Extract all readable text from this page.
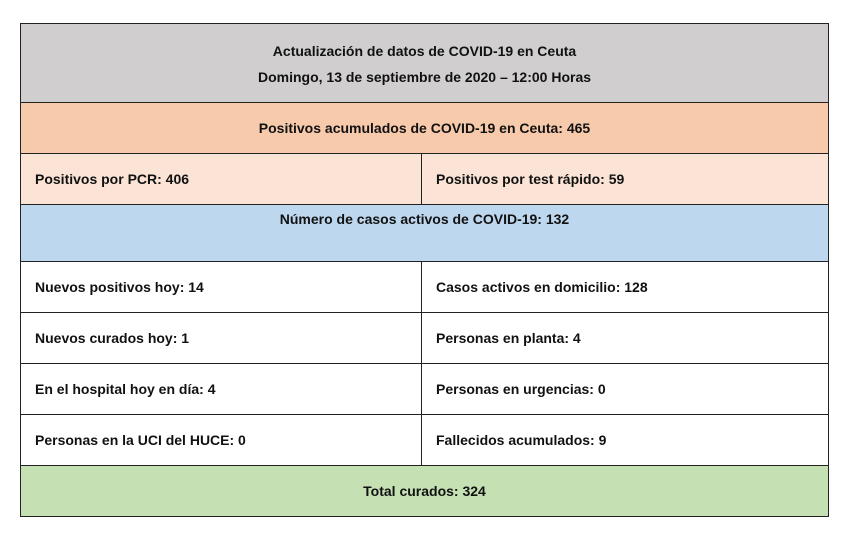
Actualización de datos de COVID-19 en Ceuta
Domingo, 13 de septiembre de 2020 – 12:00 Horas	

Positivos acumulados de COVID-19 en Ceuta: 465	
Positivos por PCR: 406	Positivos por test rápido: 59
Número de casos activos de COVID-19: 132	
Nuevos positivos hoy: 14	Casos activos en domicilio: 128
Nuevos curados hoy: 1	Personas en planta: 4
En el hospital hoy en día: 4	Personas en urgencias: 0
Personas en la UCI del HUCE: 0	Fallecidos acumulados: 9
Total curados: 324	
